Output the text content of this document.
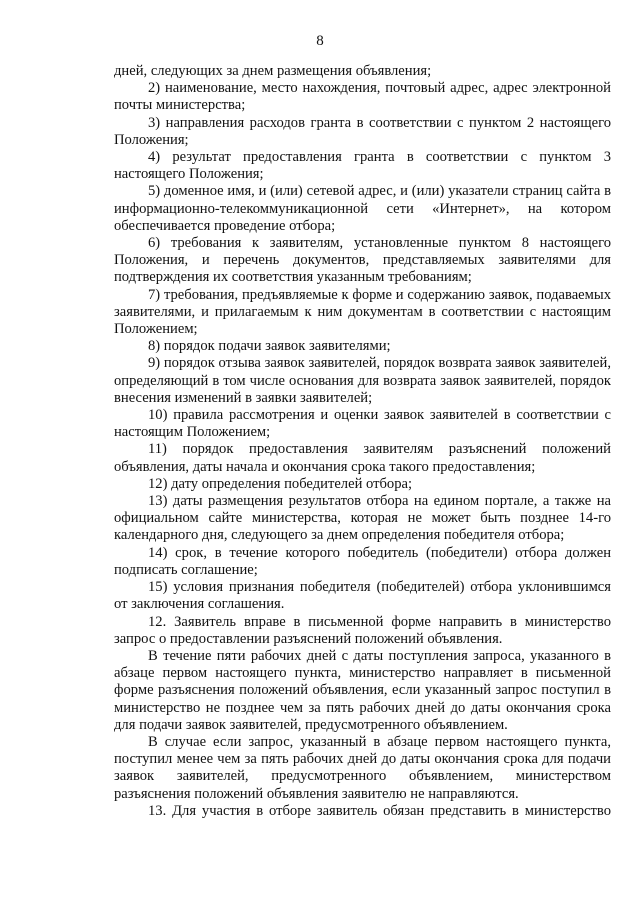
8

дней, следующих за днем размещения объявления;

2) наименование, место нахождения, почтовый адрес, адрес электронной почты министерства;

3) направления расходов гранта в соответствии с пунктом 2 настоящего Положения;

4) результат предоставления гранта в соответствии с пунктом 3 настоящего Положения;

5) доменное имя, и (или) сетевой адрес, и (или) указатели страниц сайта в информационно-телекоммуникационной сети «Интернет», на котором обеспечивается проведение отбора;

6) требования к заявителям, установленные пунктом 8 настоящего Положения, и перечень документов, представляемых заявителями для подтверждения их соответствия указанным требованиям;

7) требования, предъявляемые к форме и содержанию заявок, подаваемых заявителями, и прилагаемым к ним документам в соответствии с настоящим Положением;

8) порядок подачи заявок заявителями;

9) порядок отзыва заявок заявителей, порядок возврата заявок заявителей, определяющий в том числе основания для возврата заявок заявителей, порядок внесения изменений в заявки заявителей;

10) правила рассмотрения и оценки заявок заявителей в соответствии с настоящим Положением;

11) порядок предоставления заявителям разъяснений положений объявления, даты начала и окончания срока такого предоставления;

12) дату определения победителей отбора;

13) даты размещения результатов отбора на едином портале, а также на официальном сайте министерства, которая не может быть позднее 14-го календарного дня, следующего за днем определения победителя отбора;

14) срок, в течение которого победитель (победители) отбора должен подписать соглашение;

15) условия признания победителя (победителей) отбора уклонившимся от заключения соглашения.

12. Заявитель вправе в письменной форме направить в министерство запрос о предоставлении разъяснений положений объявления.

В течение пяти рабочих дней с даты поступления запроса, указанного в абзаце первом настоящего пункта, министерство направляет в письменной форме разъяснения положений объявления, если указанный запрос поступил в министерство не позднее чем за пять рабочих дней до даты окончания срока для подачи заявок заявителей, предусмотренного объявлением.

В случае если запрос, указанный в абзаце первом настоящего пункта, поступил менее чем за пять рабочих дней до даты окончания срока для подачи заявок заявителей, предусмотренного объявлением, министерством разъяснения положений объявления заявителю не направляются.

13. Для участия в отборе заявитель обязан представить в министерство
